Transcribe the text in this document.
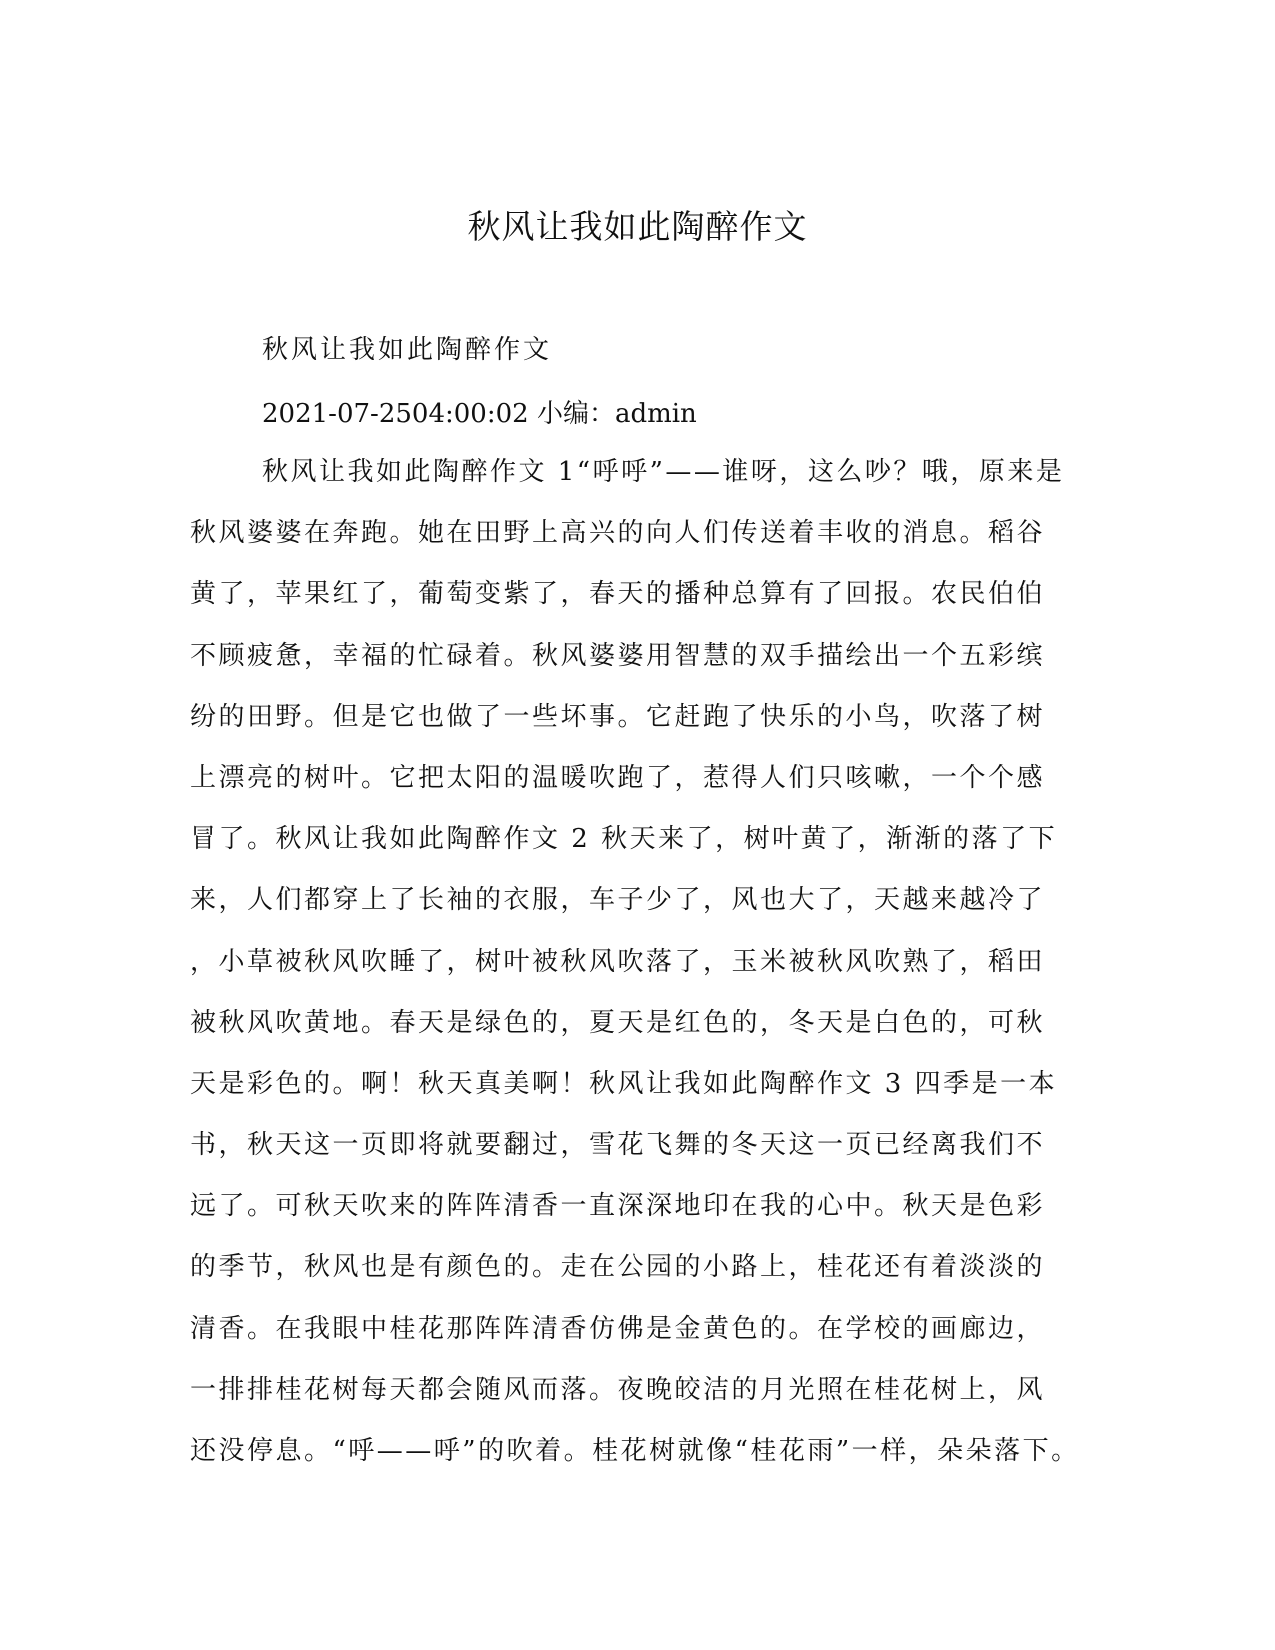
秋风让我如此陶醉作文
秋风让我如此陶醉作文
2021-07-2504:00:02 小编：admin
秋风让我如此陶醉作文 1“呼呼”——谁呀，这么吵？哦，原来是
秋风婆婆在奔跑。她在田野上高兴的向人们传送着丰收的消息。稻谷
黄了，苹果红了，葡萄变紫了，春天的播种总算有了回报。农民伯伯
不顾疲惫，幸福的忙碌着。秋风婆婆用智慧的双手描绘出一个五彩缤
纷的田野。但是它也做了一些坏事。它赶跑了快乐的小鸟，吹落了树
上漂亮的树叶。它把太阳的温暖吹跑了，惹得人们只咳嗽，一个个感
冒了。秋风让我如此陶醉作文 2 秋天来了，树叶黄了，渐渐的落了下
来，人们都穿上了长袖的衣服，车子少了，风也大了，天越来越冷了
，小草被秋风吹睡了，树叶被秋风吹落了，玉米被秋风吹熟了，稻田
被秋风吹黄地。春天是绿色的，夏天是红色的，冬天是白色的，可秋
天是彩色的。啊！秋天真美啊！秋风让我如此陶醉作文 3 四季是一本
书，秋天这一页即将就要翻过，雪花飞舞的冬天这一页已经离我们不
远了。可秋天吹来的阵阵清香一直深深地印在我的心中。秋天是色彩
的季节，秋风也是有颜色的。走在公园的小路上，桂花还有着淡淡的
清香。在我眼中桂花那阵阵清香仿佛是金黄色的。在学校的画廊边，
一排排桂花树每天都会随风而落。夜晚皎洁的月光照在桂花树上，风
还没停息。“呼——呼”的吹着。桂花树就像“桂花雨”一样，朵朵落下。
